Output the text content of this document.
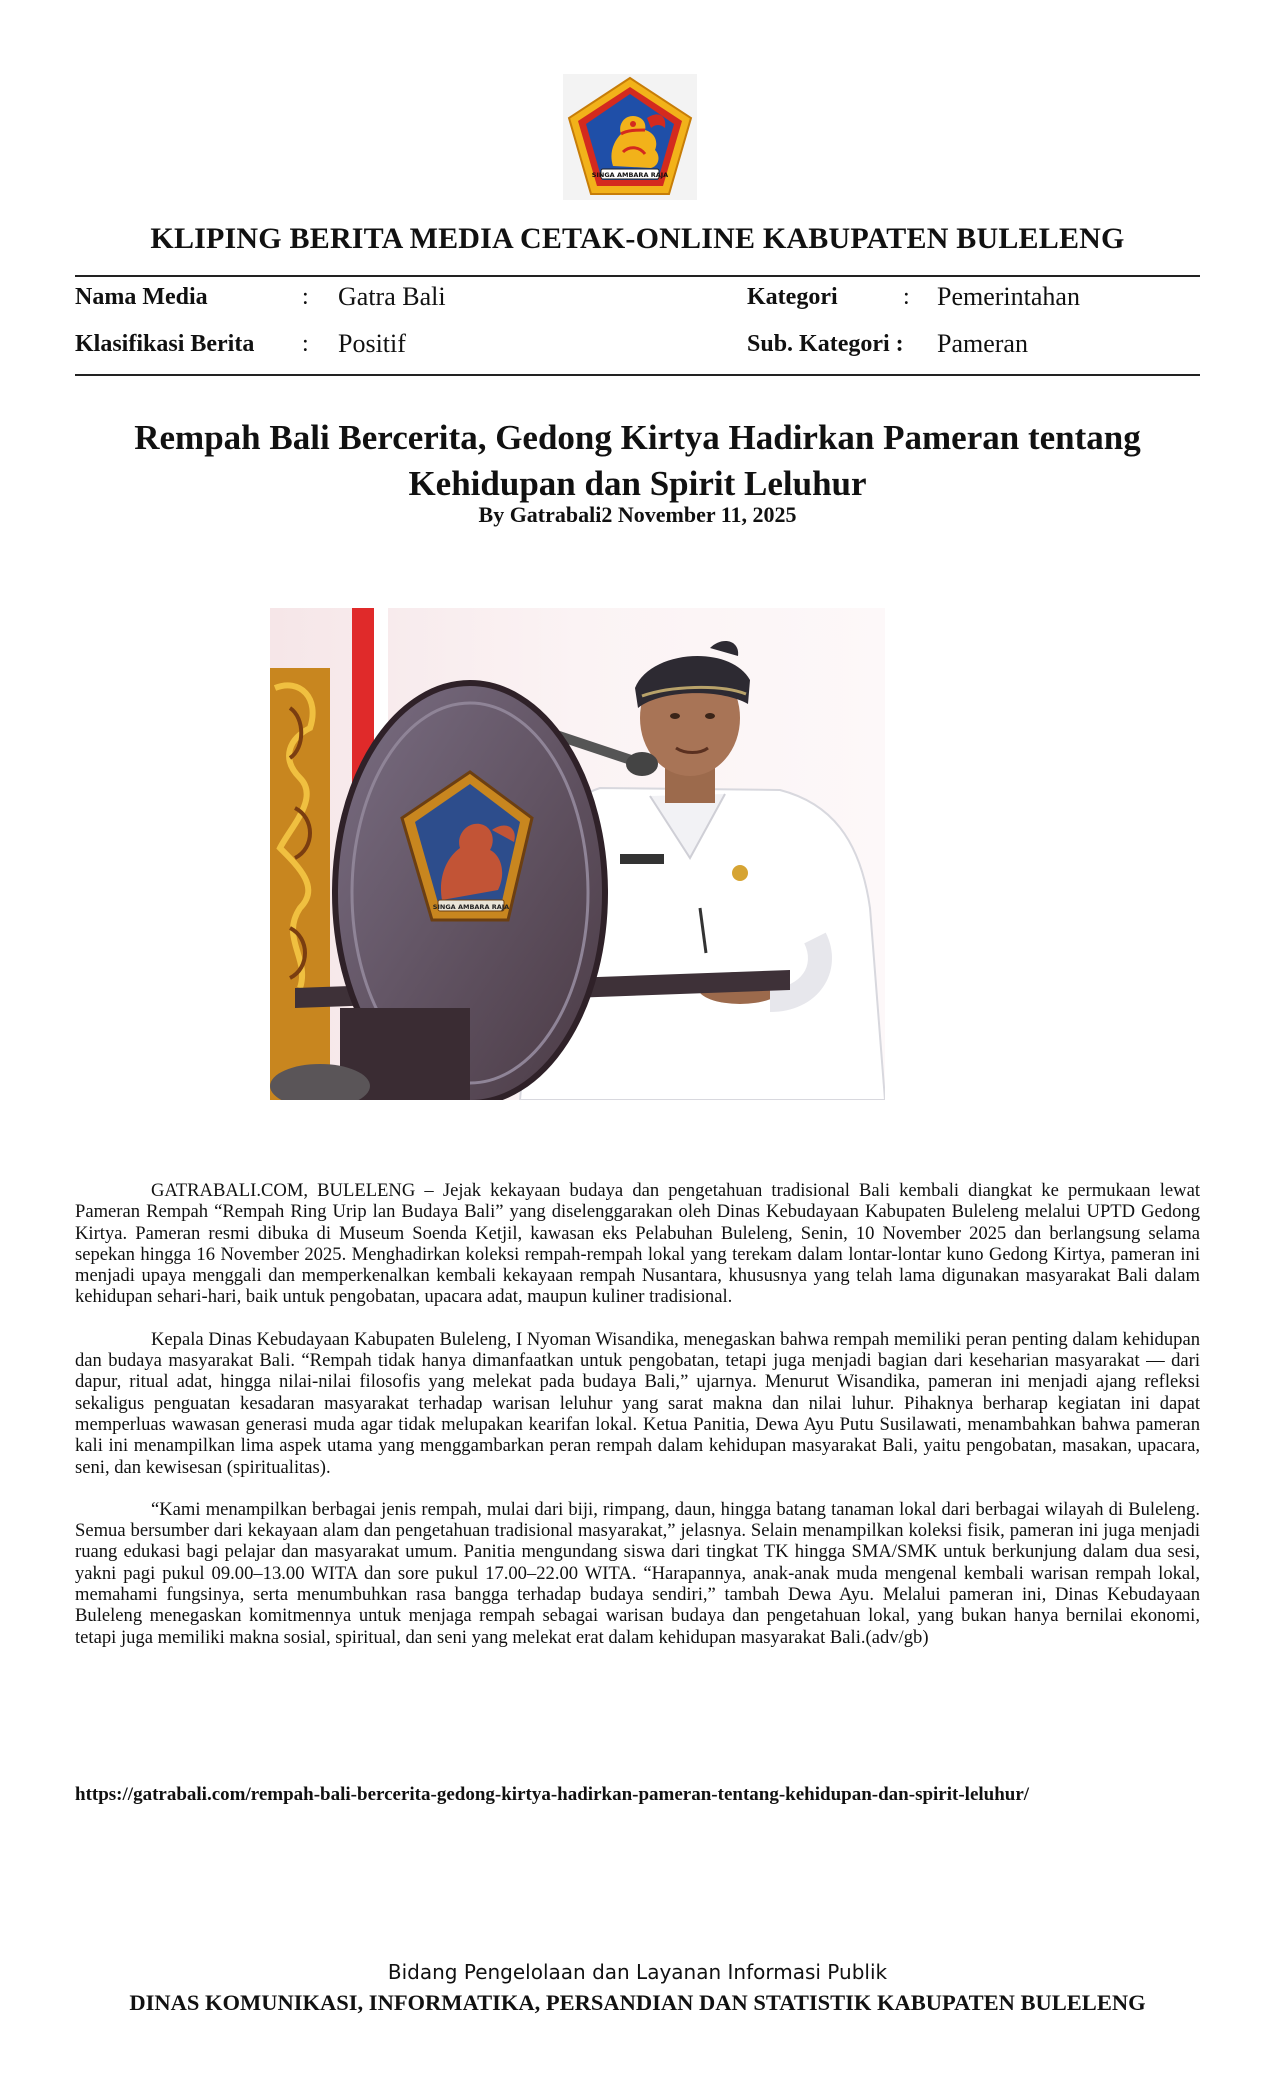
SINGA AMBARA RAJA
KLIPING BERITA MEDIA CETAK-ONLINE KABUPATEN BULELENG
Nama Media	: Gatra Bali	Kategori	: Pemerintahan
Klasifikasi Berita : Positif	Sub. Kategori : Pameran
Rempah Bali Bercerita, Gedong Kirtya Hadirkan Pameran tentang Kehidupan dan Spirit Leluhur
By Gatrabali2 November 11, 2025
SINGA AMBARA RAJA

GATRABALI.COM, BULELENG – Jejak kekayaan budaya dan pengetahuan tradisional Bali kembali diangkat ke permukaan lewat Pameran Rempah “Rempah Ring Urip lan Budaya Bali” yang diselenggarakan oleh Dinas Kebudayaan Kabupaten Buleleng melalui UPTD Gedong Kirtya. Pameran resmi dibuka di Museum Soenda Ketjil, kawasan eks Pelabuhan Buleleng, Senin, 10 November 2025 dan berlangsung selama sepekan hingga 16 November 2025. Menghadirkan koleksi rempah-rempah lokal yang terekam dalam lontar-lontar kuno Gedong Kirtya, pameran ini menjadi upaya menggali dan memperkenalkan kembali kekayaan rempah Nusantara, khususnya yang telah lama digunakan masyarakat Bali dalam kehidupan sehari-hari, baik untuk pengobatan, upacara adat, maupun kuliner tradisional.

Kepala Dinas Kebudayaan Kabupaten Buleleng, I Nyoman Wisandika, menegaskan bahwa rempah memiliki peran penting dalam kehidupan dan budaya masyarakat Bali. “Rempah tidak hanya dimanfaatkan untuk pengobatan, tetapi juga menjadi bagian dari keseharian masyarakat — dari dapur, ritual adat, hingga nilai-nilai filosofis yang melekat pada budaya Bali,” ujarnya. Menurut Wisandika, pameran ini menjadi ajang refleksi sekaligus penguatan kesadaran masyarakat terhadap warisan leluhur yang sarat makna dan nilai luhur. Pihaknya berharap kegiatan ini dapat memperluas wawasan generasi muda agar tidak melupakan kearifan lokal. Ketua Panitia, Dewa Ayu Putu Susilawati, menambahkan bahwa pameran kali ini menampilkan lima aspek utama yang menggambarkan peran rempah dalam kehidupan masyarakat Bali, yaitu pengobatan, masakan, upacara, seni, dan kewisesan (spiritualitas).

“Kami menampilkan berbagai jenis rempah, mulai dari biji, rimpang, daun, hingga batang tanaman lokal dari berbagai wilayah di Buleleng. Semua bersumber dari kekayaan alam dan pengetahuan tradisional masyarakat,” jelasnya. Selain menampilkan koleksi fisik, pameran ini juga menjadi ruang edukasi bagi pelajar dan masyarakat umum. Panitia mengundang siswa dari tingkat TK hingga SMA/SMK untuk berkunjung dalam dua sesi, yakni pagi pukul 09.00–13.00 WITA dan sore pukul 17.00–22.00 WITA. “Harapannya, anak-anak muda mengenal kembali warisan rempah lokal, memahami fungsinya, serta menumbuhkan rasa bangga terhadap budaya sendiri,” tambah Dewa Ayu. Melalui pameran ini, Dinas Kebudayaan Buleleng menegaskan komitmennya untuk menjaga rempah sebagai warisan budaya dan pengetahuan lokal, yang bukan hanya bernilai ekonomi, tetapi juga memiliki makna sosial, spiritual, dan seni yang melekat erat dalam kehidupan masyarakat Bali.(adv/gb)

https://gatrabali.com/rempah-bali-bercerita-gedong-kirtya-hadirkan-pameran-tentang-kehidupan-dan-spirit-leluhur/
Bidang Pengelolaan dan Layanan Informasi Publik
DINAS KOMUNIKASI, INFORMATIKA, PERSANDIAN DAN STATISTIK KABUPATEN BULELENG
